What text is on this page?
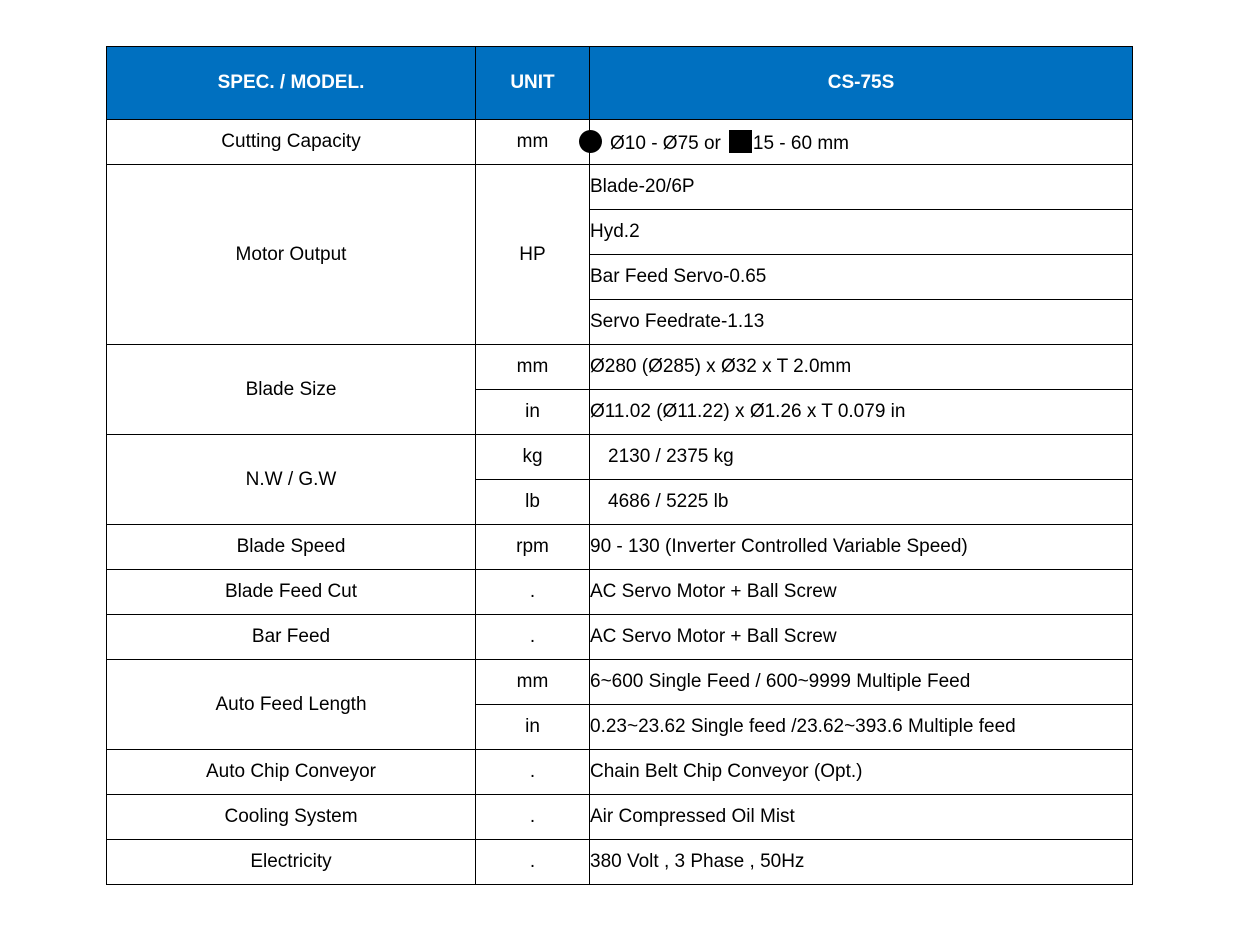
SPEC. / MODEL.	UNIT	CS-75S
Cutting Capacity	mm	Ø10 - Ø75 or 15 - 60 mm
Motor Output	HP	Blade-20/6P
		Hyd.2
		Bar Feed Servo-0.65
		Servo Feedrate-1.13
Blade Size	mm	Ø280 (Ø285) x Ø32 x T 2.0mm
	in	Ø11.02 (Ø11.22) x Ø1.26 x T 0.079 in
N.W / G.W	kg	2130 / 2375 kg
	lb	4686 / 5225 lb
Blade Speed	rpm	90 - 130 (Inverter Controlled Variable Speed)
Blade Feed Cut	.	AC Servo Motor + Ball Screw
Bar Feed	.	AC Servo Motor + Ball Screw
Auto Feed Length	mm	6~600 Single Feed / 600~9999 Multiple Feed
	in	0.23~23.62 Single feed /23.62~393.6 Multiple feed
Auto Chip Conveyor	.	Chain Belt Chip Conveyor (Opt.)
Cooling System	.	Air Compressed Oil Mist
Electricity	.	380 Volt , 3 Phase , 50Hz
